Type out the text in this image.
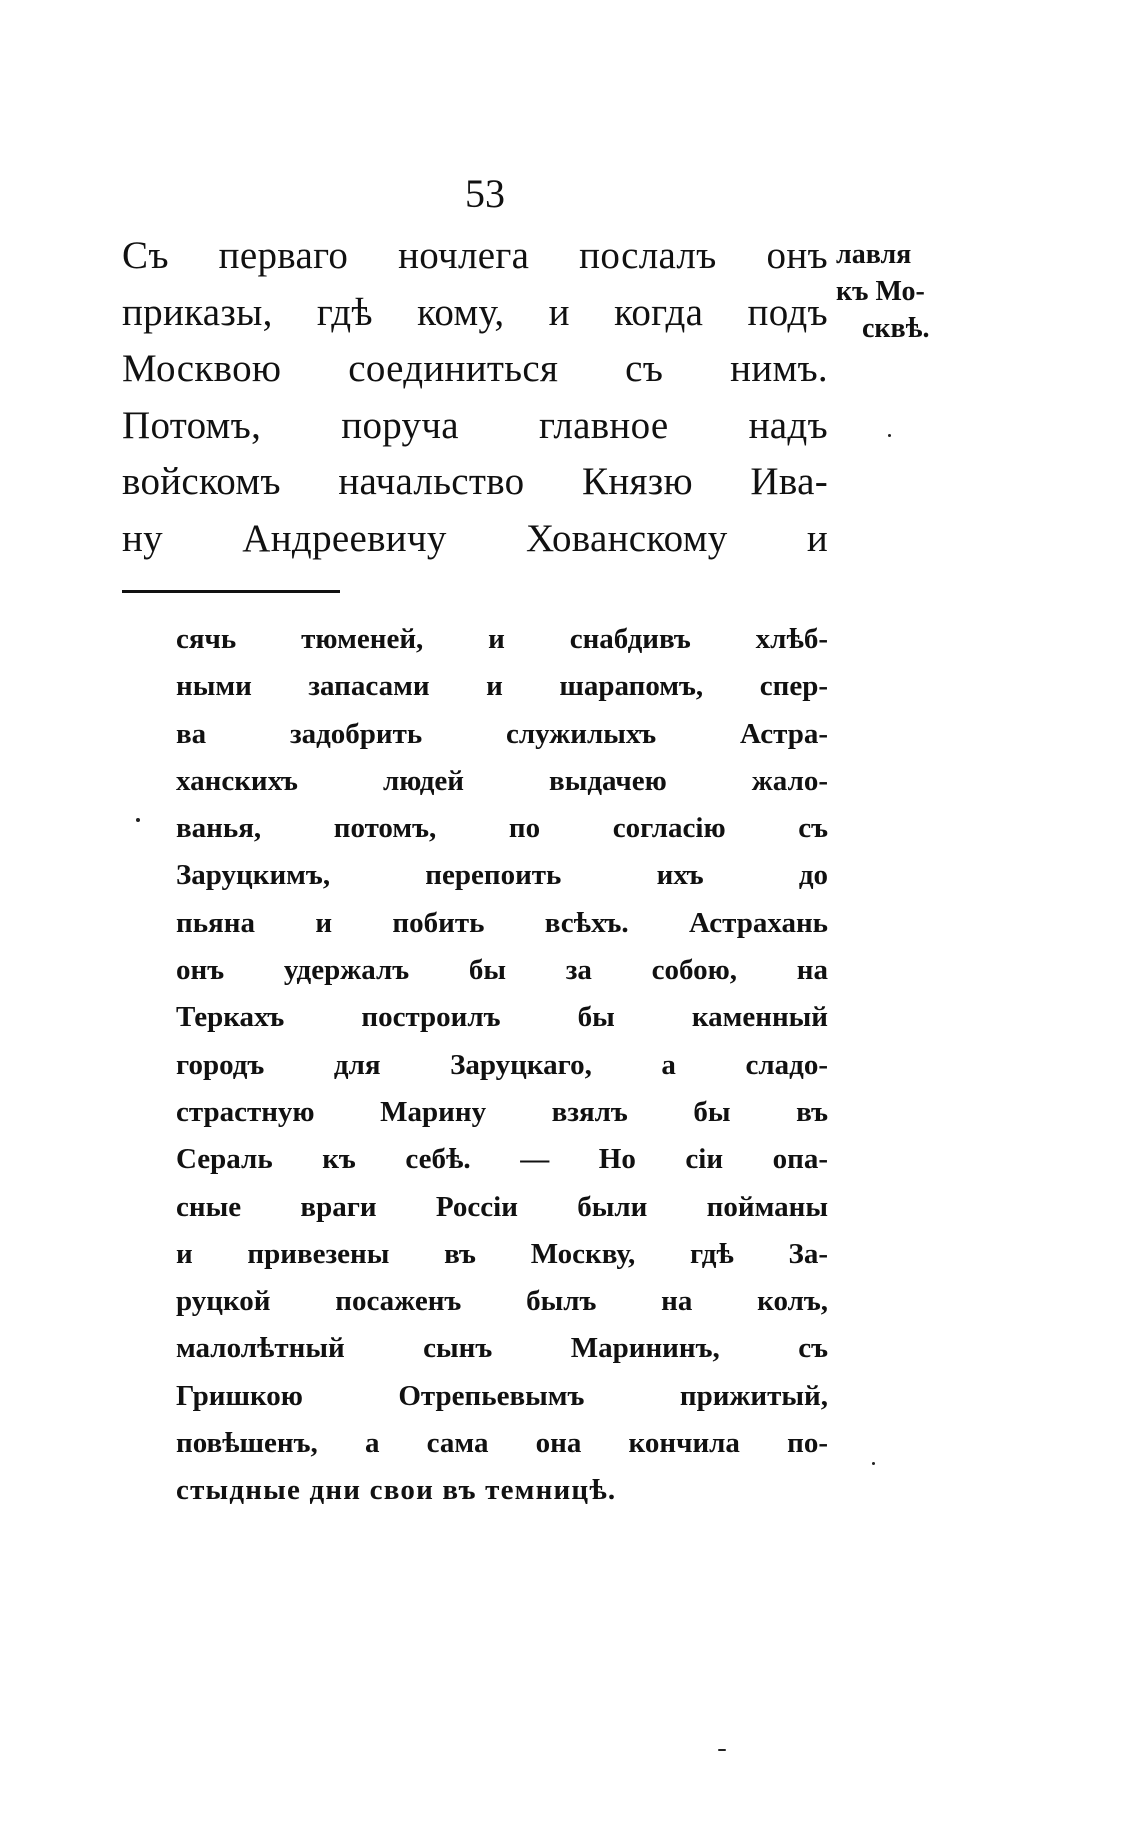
53
Съ перваго ночлега послалъ онъ
приказы, гдѣ кому, и когда подъ
Москвою соединиться съ нимъ.
Потомъ, поруча главное надъ
войскомъ начальство Князю Ива-
ну Андреевичу Хованскому и
лавля
къ Мо-
сквѣ.
сячь тюменей, и снабдивъ хлѣб-
ными запасами и шарапомъ, спер-
ва задобрить служилыхъ Астра-
ханскихъ людей выдачею жало-
ванья, потомъ, по согласію съ
Заруцкимъ, перепоить ихъ до
пьяна и побить всѣхъ. Астрахань
онъ удержалъ бы за собою, на
Теркахъ построилъ бы каменный
городъ для Заруцкаго, а сладо-
страстную Марину взялъ бы въ
Сераль къ себѣ. — Но сіи опа-
сные враги Россіи были пойманы
и привезены въ Москву, гдѣ За-
руцкой посаженъ былъ на колъ,
малолѣтный сынъ Марининъ, съ
Гришкою Отрепьевымъ прижитый,
повѣшенъ, а сама она кончила по-
стыдные дни свои въ темницѣ.
